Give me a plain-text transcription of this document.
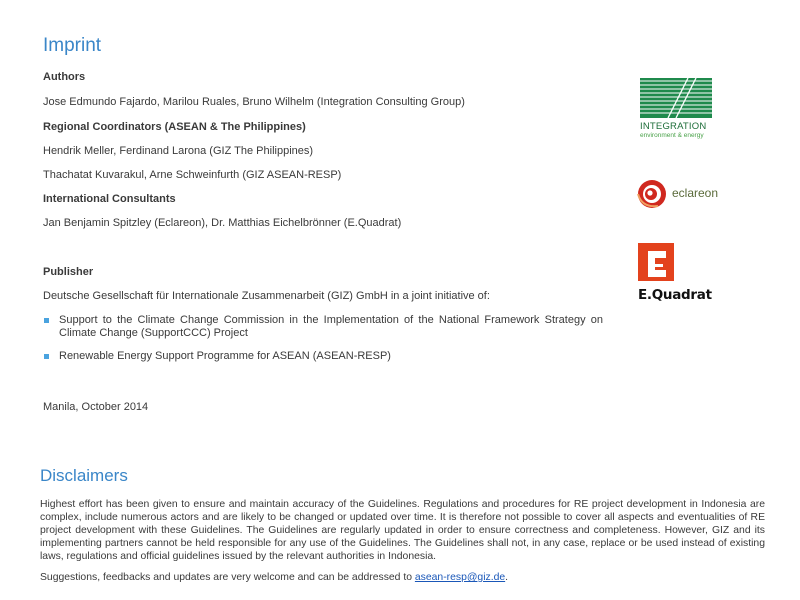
Imprint
Authors
Jose Edmundo Fajardo, Marilou Ruales, Bruno Wilhelm (Integration Consulting Group)
Regional Coordinators (ASEAN & The Philippines)
Hendrik Meller, Ferdinand Larona (GIZ The Philippines)
Thachatat Kuvarakul, Arne Schweinfurth (GIZ ASEAN-RESP)
International Consultants
Jan Benjamin Spitzley (Eclareon), Dr. Matthias Eichelbrönner (E.Quadrat)
Publisher
Deutsche Gesellschaft für Internationale Zusammenarbeit (GIZ) GmbH in a joint initiative of:
Support to the Climate Change Commission in the Implementation of the National Framework Strategy on Climate Change (SupportCCC) Project
Renewable Energy Support Programme for ASEAN (ASEAN-RESP)
Manila, October 2014
Disclaimers

Highest effort has been given to ensure and maintain accuracy of the Guidelines. Regulations and procedures for RE project development in Indonesia are complex, include numerous actors and are likely to be changed or updated over time. It is therefore not possible to cover all aspects and eventualities of RE project development with these Guidelines. The Guidelines are regularly updated in order to ensure correctness and completeness. However, GIZ and its implementing partners cannot be held responsible for any use of the Guidelines. The Guidelines shall not, in any case, replace or be used instead of existing laws, regulations and official guidelines issued by the relevant authorities in Indonesia.

Suggestions, feedbacks and updates are very welcome and can be addressed to asean-resp@giz.de.
INTEGRATION
environment & energy
eclareon
E.Quadrat
